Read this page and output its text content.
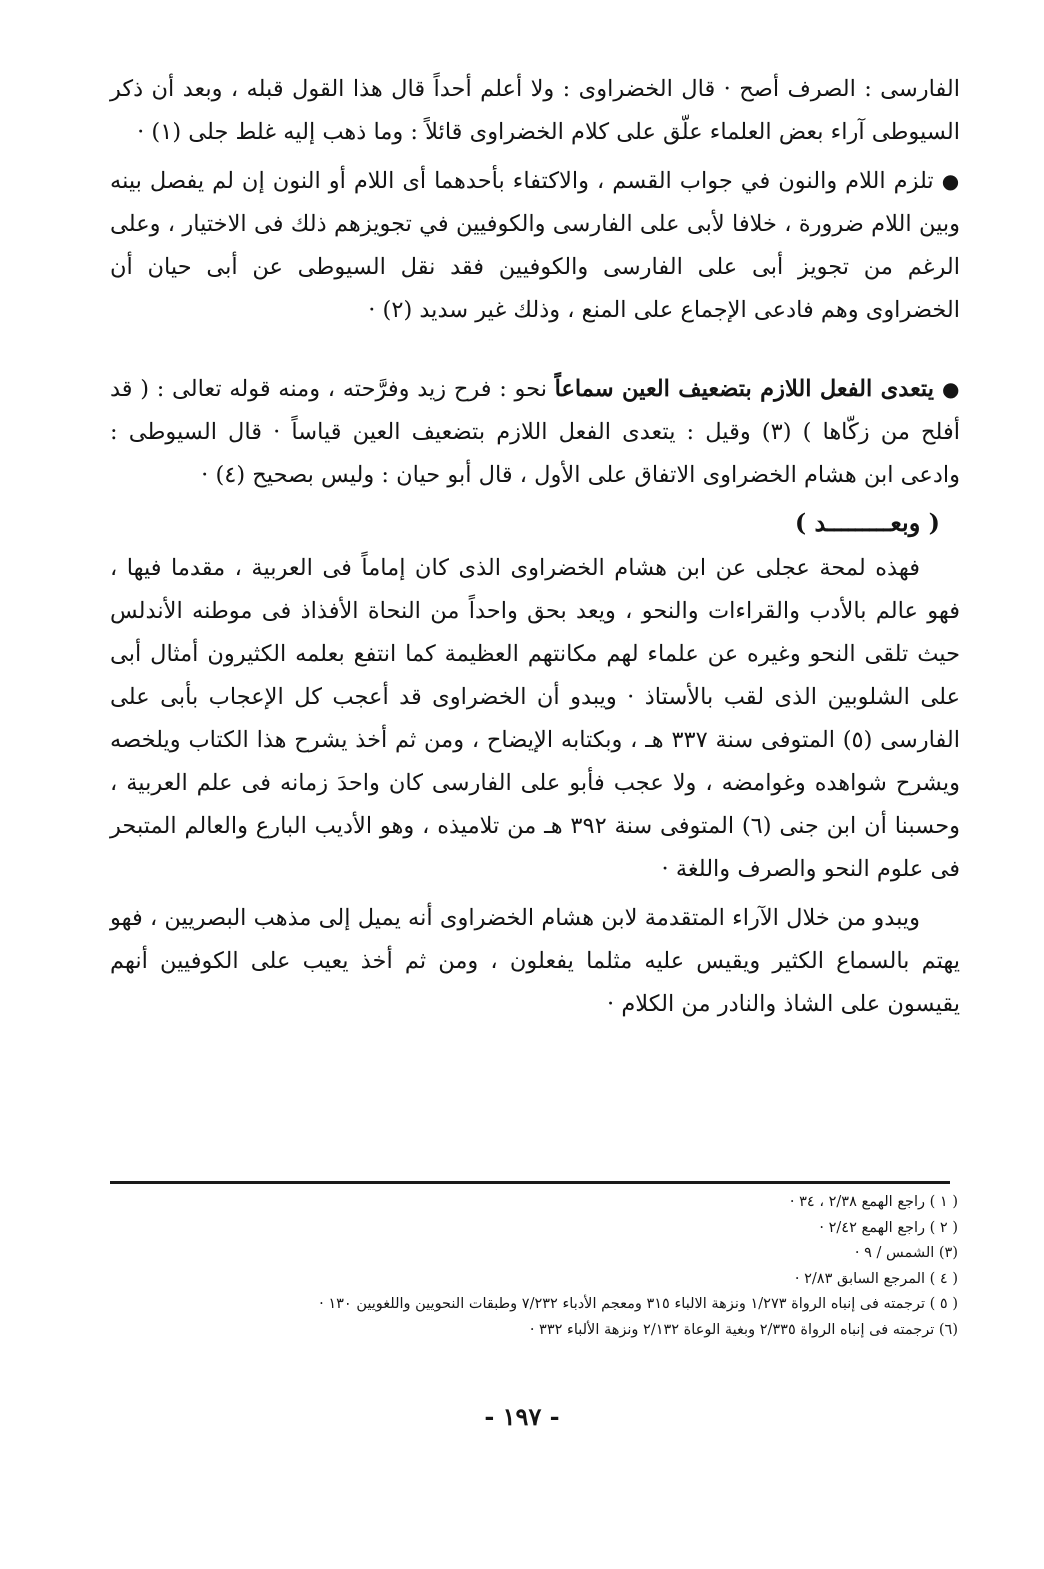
الفارسى : الصرف أصح · قال الخضراوى : ولا أعلم أحداً قال هذا القول قبله ، وبعد أن ذكر السيوطى آراء بعض العلماء علّق على كلام الخضراوى قائلاً : وما ذهب إليه غلط جلى (١) ·

●تلزم اللام والنون في جواب القسم ، والاكتفاء بأحدهما أى اللام أو النون إن لم يفصل بينه وبين اللام ضرورة ، خلافا لأبى على الفارسى والكوفيين في تجويزهم ذلك فى الاختيار ، وعلى الرغم من تجويز أبى على الفارسى والكوفيين فقد نقل السيوطى عن أبى حيان أن الخضراوى وهم فادعى الإجماع على المنع ، وذلك غير سديد (٢) ·

●يتعدى الفعل اللازم بتضعيف العين سماعاً نحو : فرح زيد وفرَّحته ، ومنه قوله تعالى : ( قد أفلح من زكّاها ) (٣) وقيل : يتعدى الفعل اللازم بتضعيف العين قياساً · قال السيوطى : وادعى ابن هشام الخضراوى الاتفاق على الأول ، قال أبو حيان : وليس بصحيح (٤) ·

( وبعـــــــــد )

فهذه لمحة عجلى عن ابن هشام الخضراوى الذى كان إماماً فى العربية ، مقدما فيها ، فهو عالم بالأدب والقراءات والنحو ، ويعد بحق واحداً من النحاة الأفذاذ فى موطنه الأندلس حيث تلقى النحو وغيره عن علماء لهم مكانتهم العظيمة كما انتفع بعلمه الكثيرون أمثال أبى على الشلوبين الذى لقب بالأستاذ · ويبدو أن الخضراوى قد أعجب كل الإعجاب بأبى على الفارسى (٥) المتوفى سنة ٣٣٧ هـ ، وبكتابه الإيضاح ، ومن ثم أخذ يشرح هذا الكتاب ويلخصه ويشرح شواهده وغوامضه ، ولا عجب فأبو على الفارسى كان واحدَ زمانه فى علم العربية ، وحسبنا أن ابن جنى (٦) المتوفى سنة ٣٩٢ هـ من تلاميذه ، وهو الأديب البارع والعالم المتبحر فى علوم النحو والصرف واللغة ·

ويبدو من خلال الآراء المتقدمة لابن هشام الخضراوى أنه يميل إلى مذهب البصريين ، فهو يهتم بالسماع الكثير ويقيس عليه مثلما يفعلون ، ومن ثم أخذ يعيب على الكوفيين أنهم يقيسون على الشاذ والنادر من الكلام ·

( ١ ) راجع الهمع ٢/٣٨ ، ٣٤ ·

( ٢ ) راجع الهمع ٢/٤٢ ·

(٣) الشمس / ٩ ·

( ٤ ) المرجع السابق ٢/٨٣ ·

( ٥ ) ترجمته فى إنباه الرواة ١/٢٧٣ ونزهة الالباء ٣١٥ ومعجم الأدباء ٧/٢٣٢ وطبقات النحويين واللغويين ١٣٠ ·

(٦) ترجمته فى إنباه الرواة ٢/٣٣٥ وبغية الوعاة ٢/١٣٢ ونزهة الألباء ٣٣٢ ·

- ١٩٧ -
